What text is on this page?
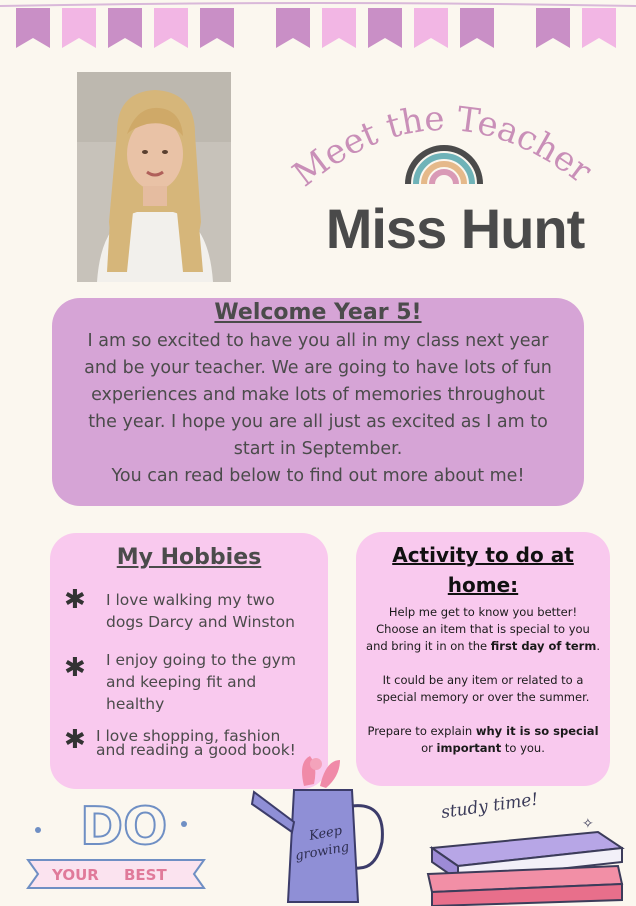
Meet the Teacher
Miss Hunt
Welcome Year 5!

I am so excited to have you all in my class next year
and be your teacher. We are going to have lots of fun
experiences and make lots of memories throughout
the year. I hope you are all just as excited as I am to
start in September.
You can read below to find out more about me!

My Hobbies
✱ I love walking my two
dogs Darcy and Winston
✱ I enjoy going to the gym
and keeping fit and
healthy
✱ I love shopping, fashion
and reading a good book!
Activity to do at
home:

Help me get to know you better!
Choose an item that is special to you
and bring it in on the first day of term.

It could be any item or related to a
special memory or over the summer.

Prepare to explain why it is so special
or important to you.

DO
YOUR BEST
Keep
growing
study time!
✧
